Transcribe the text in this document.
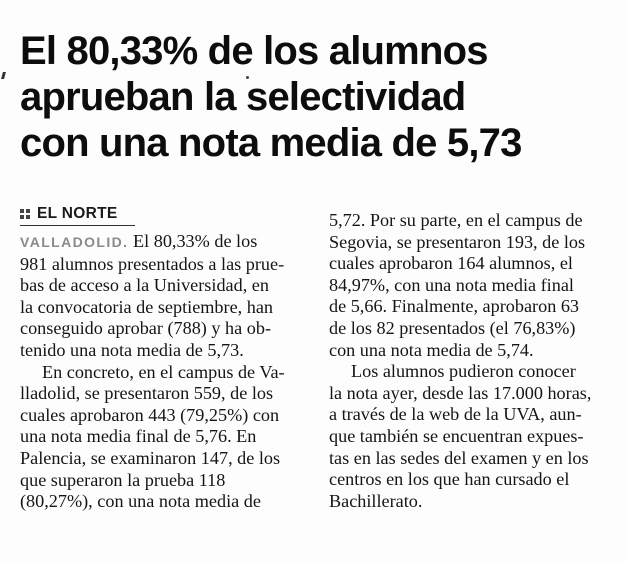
El 80,33% de los alumnos
aprueban la selectividad
con una nota media de 5,73
EL NORTE

VALLADOLID. El 80,33% de los
981 alumnos presentados a las prue-
bas de acceso a la Universidad, en
la convocatoria de septiembre, han
conseguido aprobar (788) y ha ob-
tenido una nota media de 5,73.

En concreto, en el campus de Va-
lladolid, se presentaron 559, de los
cuales aprobaron 443 (79,25%) con
una nota media final de 5,76. En
Palencia, se examinaron 147, de los
que superaron la prueba 118
(80,27%), con una nota media de

5,72. Por su parte, en el campus de
Segovia, se presentaron 193, de los
cuales aprobaron 164 alumnos, el
84,97%, con una nota media final
de 5,66. Finalmente, aprobaron 63
de los 82 presentados (el 76,83%)
con una nota media de 5,74.

Los alumnos pudieron conocer
la nota ayer, desde las 17.000 horas,
a través de la web de la UVA, aun-
que también se encuentran expues-
tas en las sedes del examen y en los
centros en los que han cursado el
Bachillerato.
